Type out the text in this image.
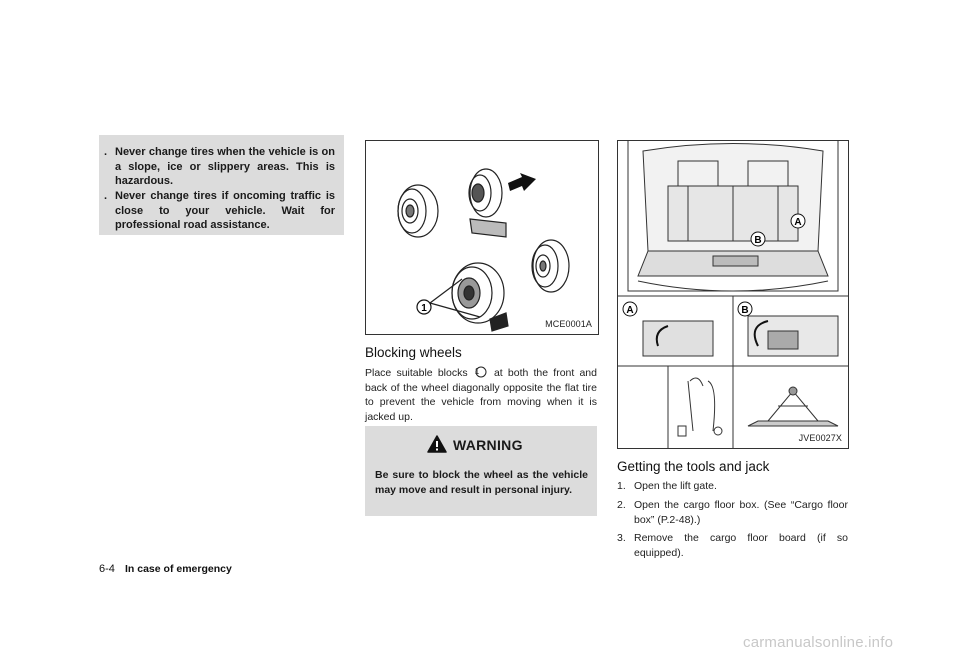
. Never change tires when the vehicle is on a slope, ice or slippery areas. This is hazardous.
. Never change tires if oncoming traffic is close to your vehicle. Wait for professional road assistance.
1
MCE0001A
Blocking wheels
Place suitable blocks 1	at both the front and back of the wheel diagonally opposite the flat tire to prevent the vehicle from moving when it is jacked up.
WARNING
Be sure to block the wheel as the vehicle may move and result in personal injury.
A
B
A	B
JVE0027X
Getting the tools and jack
1. Open the lift gate.
2. Open the cargo floor box. (See “Cargo floor box” (P.2-48).)
3. Remove the cargo floor board (if so equipped).
6-4 In case of emergency
carmanualsonline.info
